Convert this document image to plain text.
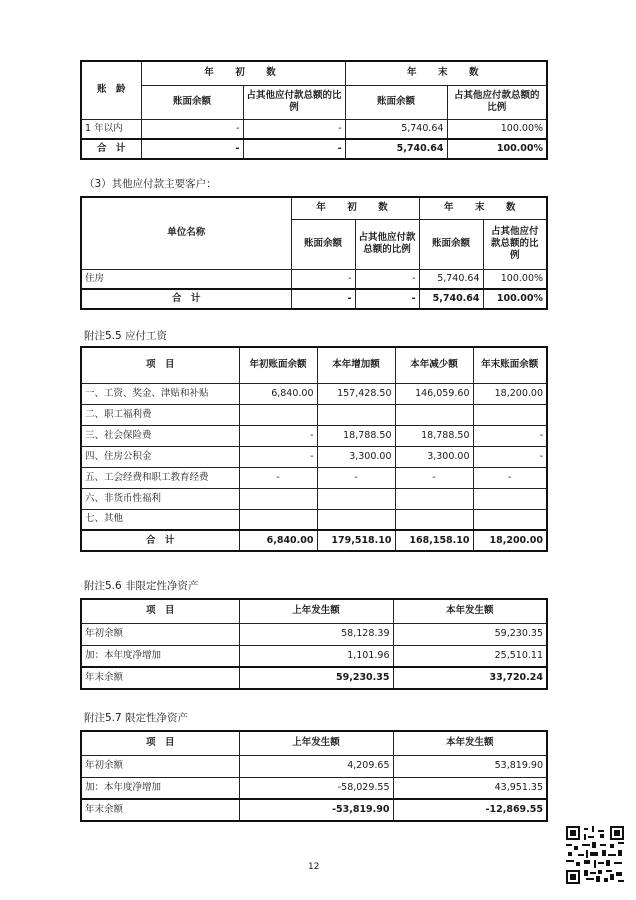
账　龄	年　初　数		年　末　数	
	账面余额	占其他应付款总额的比例	账面余额	占其他应付款总额的比例
1 年以内	-	-	5,740.64	100.00%
合　计	-	-	5,740.64	100.00%
（3）其他应付款主要客户：
单位名称	年　初　数		年　末　数	
	账面余额	占其他应付款总额的比例	账面余额	占其他应付款总额的比例
住房	-	-	5,740.64	100.00%
合　计	-	-	5,740.64	100.00%
附注5.5 应付工资
项　目	年初账面余额	本年增加额	本年减少额	年末账面余额
一、工资、奖金、津贴和补贴	6,840.00	157,428.50	146,059.60	18,200.00
二、职工福利费				
三、社会保险费	-	18,788.50	18,788.50	-
四、住房公积金	-	3,300.00	3,300.00	-
五、工会经费和职工教育经费	-	-	-	-
六、非货币性福利				
七、其他				
合　计	6,840.00	179,518.10	168,158.10	18,200.00
附注5.6 非限定性净资产
项　目	上年发生额	本年发生额
年初余额	58,128.39	59,230.35
加：本年度净增加	1,101.96	25,510.11
年末余额	59,230.35	33,720.24
附注5.7 限定性净资产
项　目	上年发生额	本年发生额
年初余额	4,209.65	53,819.90
加：本年度净增加	-58,029.55	43,951.35
年末余额	-53,819.90	-12,869.55
12
